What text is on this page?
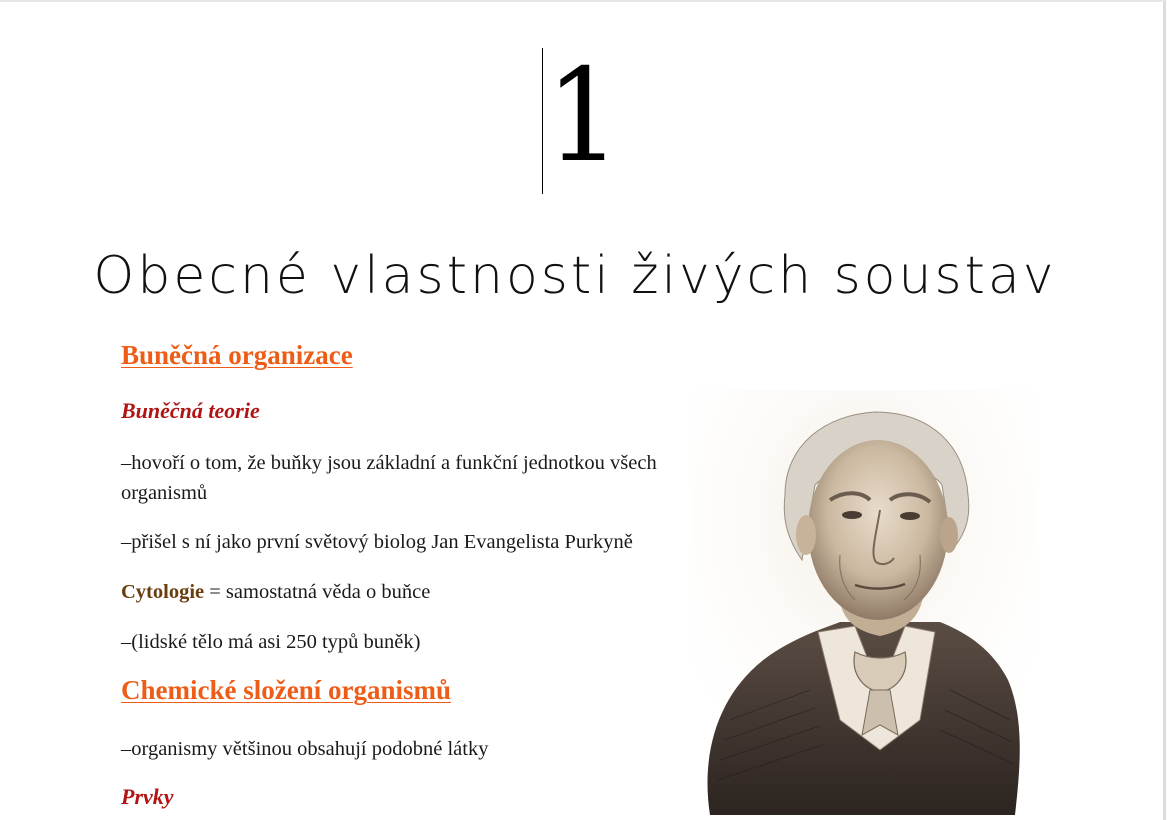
1
Obecné vlastnosti živých soustav
Buněčná organizace
Buněčná teorie
–hovoří o tom, že buňky jsou základní a funkční jednotkou všech organismů
–přišel s ní jako první světový biolog Jan Evangelista Purkyně
Cytologie = samostatná věda o buňce
–(lidské tělo má asi 250 typů buněk)
Chemické složení organismů
–organismy většinou obsahují podobné látky
Prvky
